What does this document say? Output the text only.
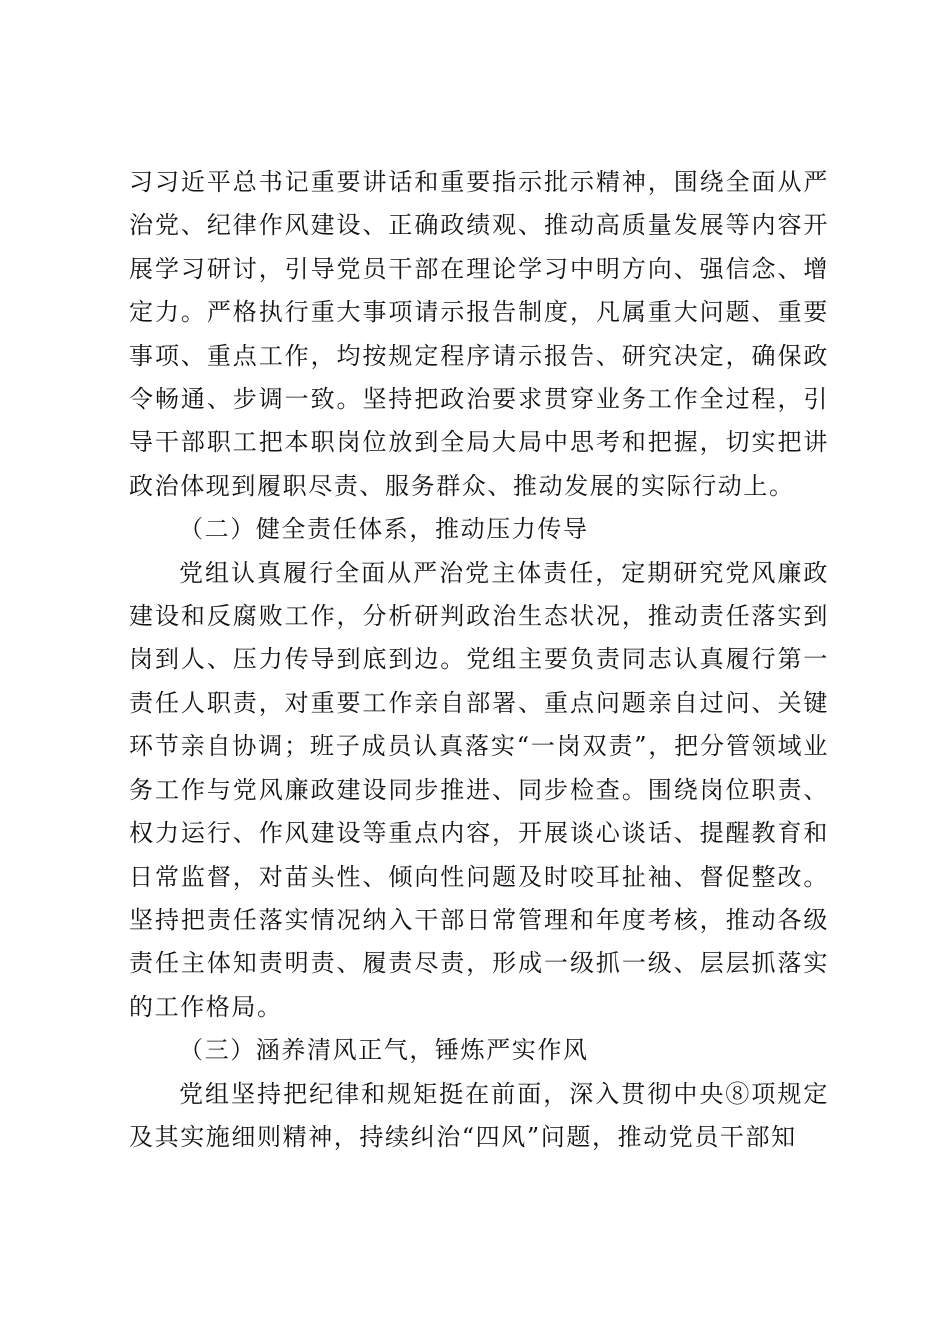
习习近平总书记重要讲话和重要指示批示精神，围绕全面从严治党、纪律作风建设、正确政绩观、推动高质量发展等内容开展学习研讨，引导党员干部在理论学习中明方向、强信念、增定力。严格执行重大事项请示报告制度，凡属重大问题、重要事项、重点工作，均按规定程序请示报告、研究决定，确保政令畅通、步调一致。坚持把政治要求贯穿业务工作全过程，引导干部职工把本职岗位放到全局大局中思考和把握，切实把讲政治体现到履职尽责、服务群众、推动发展的实际行动上。

（二）健全责任体系，推动压力传导

党组认真履行全面从严治党主体责任，定期研究党风廉政建设和反腐败工作，分析研判政治生态状况，推动责任落实到岗到人、压力传导到底到边。党组主要负责同志认真履行第一责任人职责，对重要工作亲自部署、重点问题亲自过问、关键环节亲自协调；班子成员认真落实“一岗双责”，把分管领域业务工作与党风廉政建设同步推进、同步检查。围绕岗位职责、权力运行、作风建设等重点内容，开展谈心谈话、提醒教育和日常监督，对苗头性、倾向性问题及时咬耳扯袖、督促整改。坚持把责任落实情况纳入干部日常管理和年度考核，推动各级责任主体知责明责、履责尽责，形成一级抓一级、层层抓落实的工作格局。

（三）涵养清风正气，锤炼严实作风

党组坚持把纪律和规矩挺在前面，深入贯彻中央⑧项规定及其实施细则精神，持续纠治“四风”问题，推动党员干部知
